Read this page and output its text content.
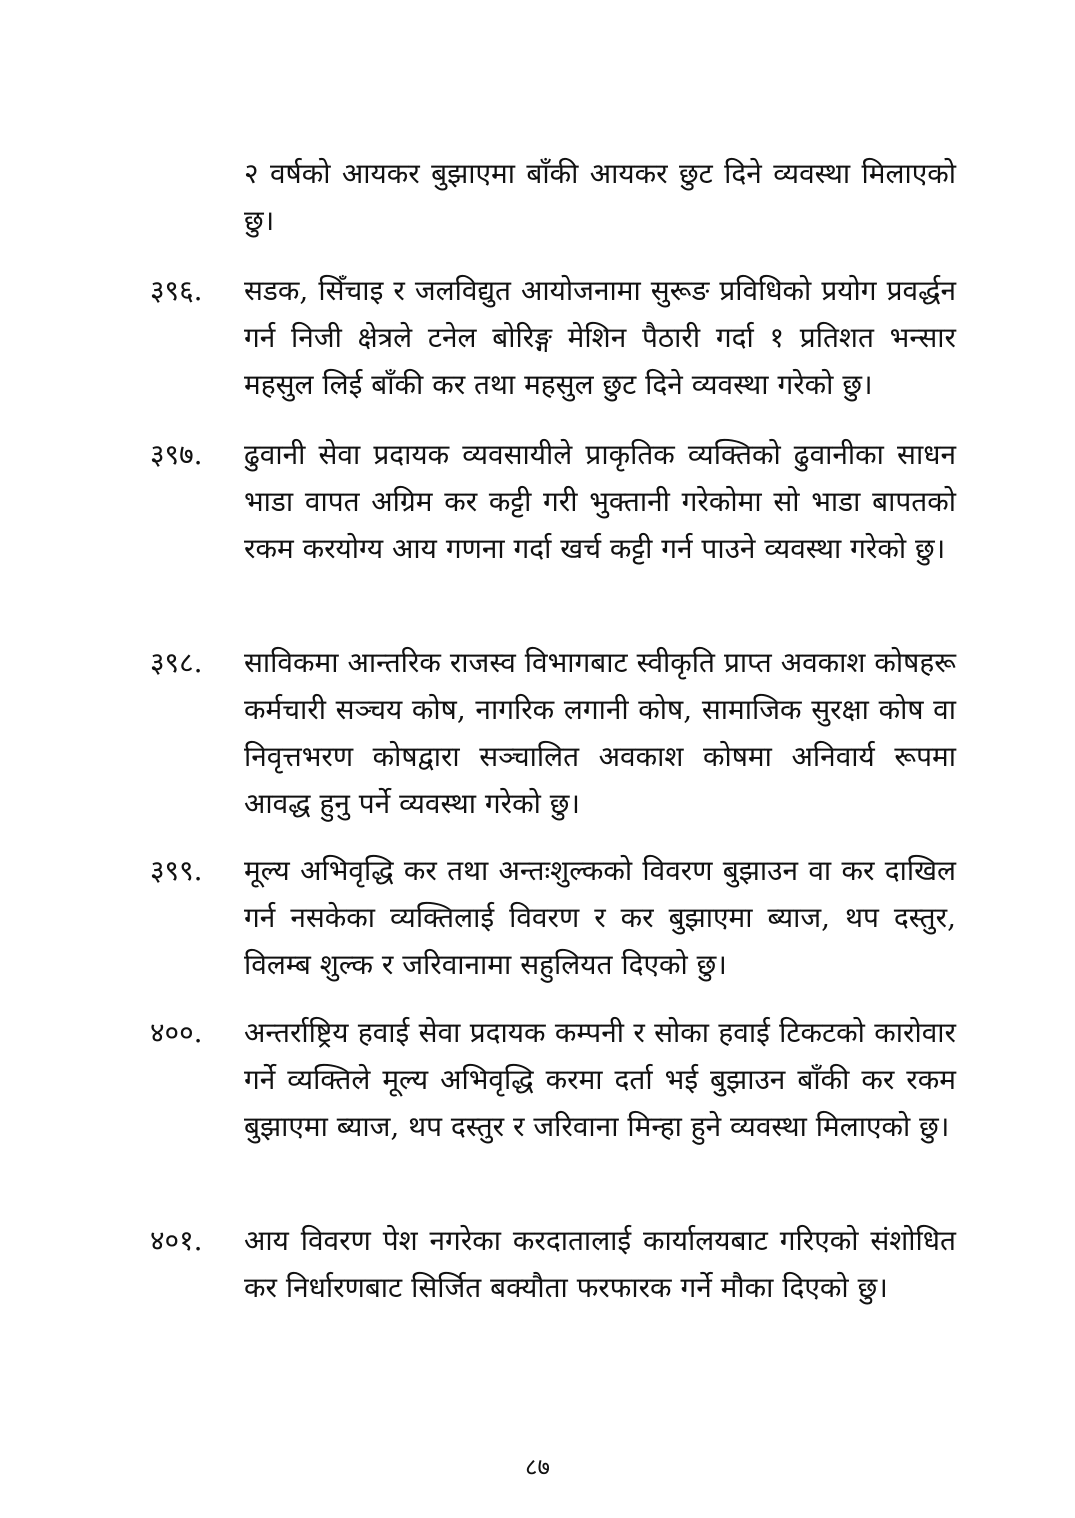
२ वर्षको आयकर बुझाएमा बाँकी आयकर छुट दिने व्यवस्था मिलाएको छु।
३९६.	सडक, सिँचाइ र जलविद्युत आयोजनामा सुरूङ प्रविधिको प्रयोग प्रवर्द्धन गर्न निजी क्षेत्रले टनेल बोरिङ्ग मेशिन पैठारी गर्दा १ प्रतिशत भन्सार महसुल लिई बाँकी कर तथा महसुल छुट दिने व्यवस्था गरेको छु।
३९७.	ढुवानी सेवा प्रदायक व्यवसायीले प्राकृतिक व्यक्तिको ढुवानीका साधन भाडा वापत अग्रिम कर कट्टी गरी भुक्तानी गरेकोमा सो भाडा बापतको रकम करयोग्य आय गणना गर्दा खर्च कट्टी गर्न पाउने व्यवस्था गरेको छु।
३९८.	साविकमा आन्तरिक राजस्व विभागबाट स्वीकृति प्राप्त अवकाश कोषहरू कर्मचारी सञ्चय कोष, नागरिक लगानी कोष, सामाजिक सुरक्षा कोष वा निवृत्तभरण कोषद्वारा सञ्चालित अवकाश कोषमा अनिवार्य रूपमा आवद्ध हुनु पर्ने व्यवस्था गरेको छु।
३९९.	मूल्य अभिवृद्धि कर तथा अन्तःशुल्कको विवरण बुझाउन वा कर दाखिल गर्न नसकेका व्यक्तिलाई विवरण र कर बुझाएमा ब्याज, थप दस्तुर, विलम्ब शुल्क र जरिवानामा सहुलियत दिएको छु।
४००.	अन्तर्राष्ट्रिय हवाई सेवा प्रदायक कम्पनी र सोका हवाई टिकटको कारोवार गर्ने व्यक्तिले मूल्य अभिवृद्धि करमा दर्ता भई बुझाउन बाँकी कर रकम बुझाएमा ब्याज, थप दस्तुर र जरिवाना मिन्हा हुने व्यवस्था मिलाएको छु।
४०१.	आय विवरण पेश नगरेका करदातालाई कार्यालयबाट गरिएको संशोधित कर निर्धारणबाट सिर्जित बक्यौता फरफारक गर्ने मौका दिएको छु।
८७
